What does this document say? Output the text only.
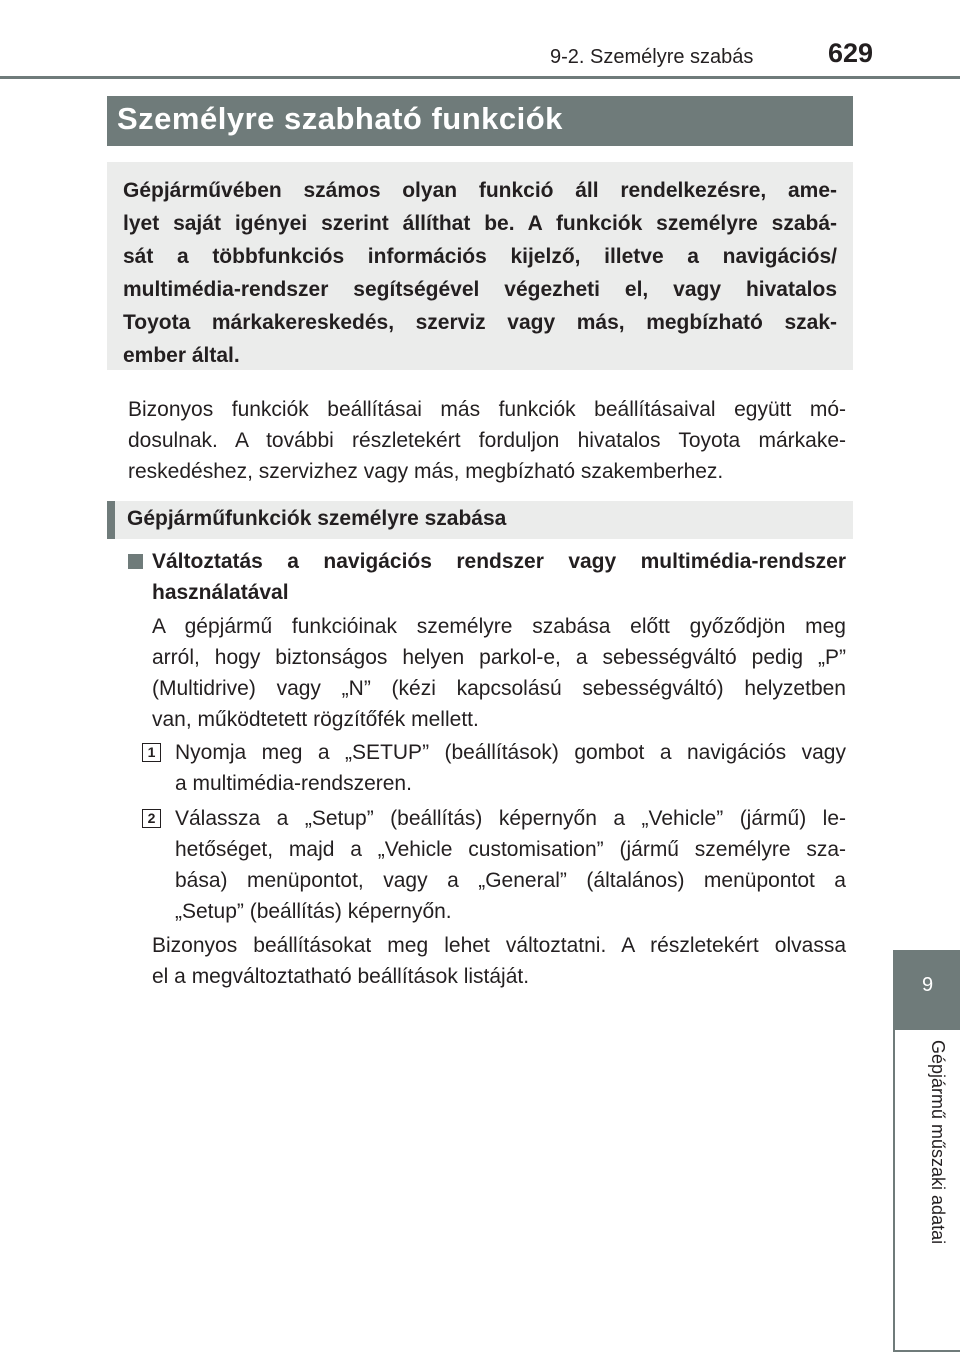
9-2. Személyre szabás	629
Személyre szabható funkciók
Gépjárművében számos olyan funkció áll rendelkezésre, ame-
lyet saját igényei szerint állíthat be. A funkciók személyre szabá-
sát a többfunkciós információs kijelző, illetve a navigációs/
multimédia-rendszer segítségével végezheti el, vagy hivatalos
Toyota márkakereskedés, szerviz vagy más, megbízható szak-
ember által.
Bizonyos funkciók beállításai más funkciók beállításaival együtt mó-
dosulnak. A további részletekért forduljon hivatalos Toyota márkake-
reskedéshez, szervizhez vagy más, megbízható szakemberhez.
Gépjárműfunkciók személyre szabása
Változtatás a navigációs rendszer vagy multimédia-rendszer
használatával
A gépjármű funkcióinak személyre szabása előtt győződjön meg
arról, hogy biztonságos helyen parkol-e, a sebességváltó pedig „P”
(Multidrive) vagy „N” (kézi kapcsolású sebességváltó) helyzetben
van, működtetett rögzítőfék mellett.
1 Nyomja meg a „SETUP” (beállítások) gombot a navigációs vagy
a multimédia-rendszeren.
2 Válassza a „Setup” (beállítás) képernyőn a „Vehicle” (jármű) le-
hetőséget, majd a „Vehicle customisation” (jármű személyre sza-
bása) menüpontot, vagy a „General” (általános) menüpontot a
„Setup” (beállítás) képernyőn.
Bizonyos beállításokat meg lehet változtatni. A részletekért olvassa
el a megváltoztatható beállítások listáját.	9
Gépjármű műszaki adatai
